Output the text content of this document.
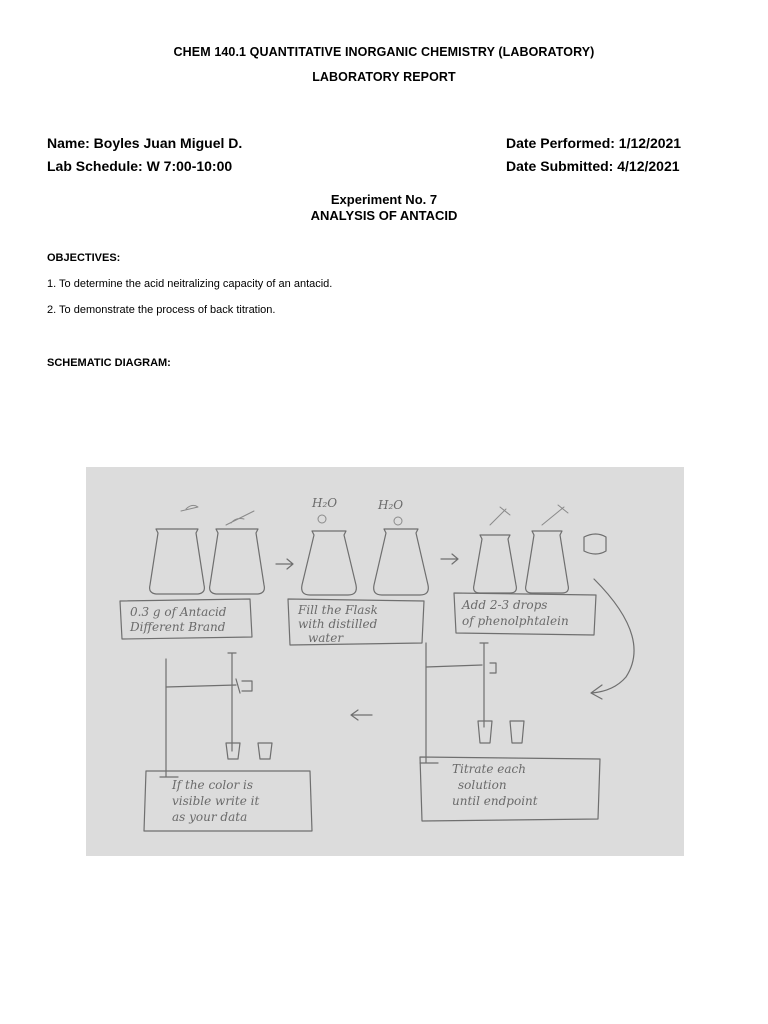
CHEM 140.1 QUANTITATIVE INORGANIC CHEMISTRY (LABORATORY)
LABORATORY REPORT
Name: Boyles Juan Miguel D.
Lab Schedule: W 7:00-10:00
Date Performed: 1/12/2021
Date Submitted: 4/12/2021
Experiment No. 7
ANALYSIS OF ANTACID
OBJECTIVES:
1. To determine the acid neitralizing capacity of an antacid.
2. To demonstrate the process of back titration.
SCHEMATIC DIAGRAM:
H₂O	H₂O
0.3 g of Antacid
Different Brand
Fill the Flask
with distilled
water
Add 2-3 drops
of phenolphtalein
If the color is
visible write it
as your data
Titrate each
solution
until endpoint
